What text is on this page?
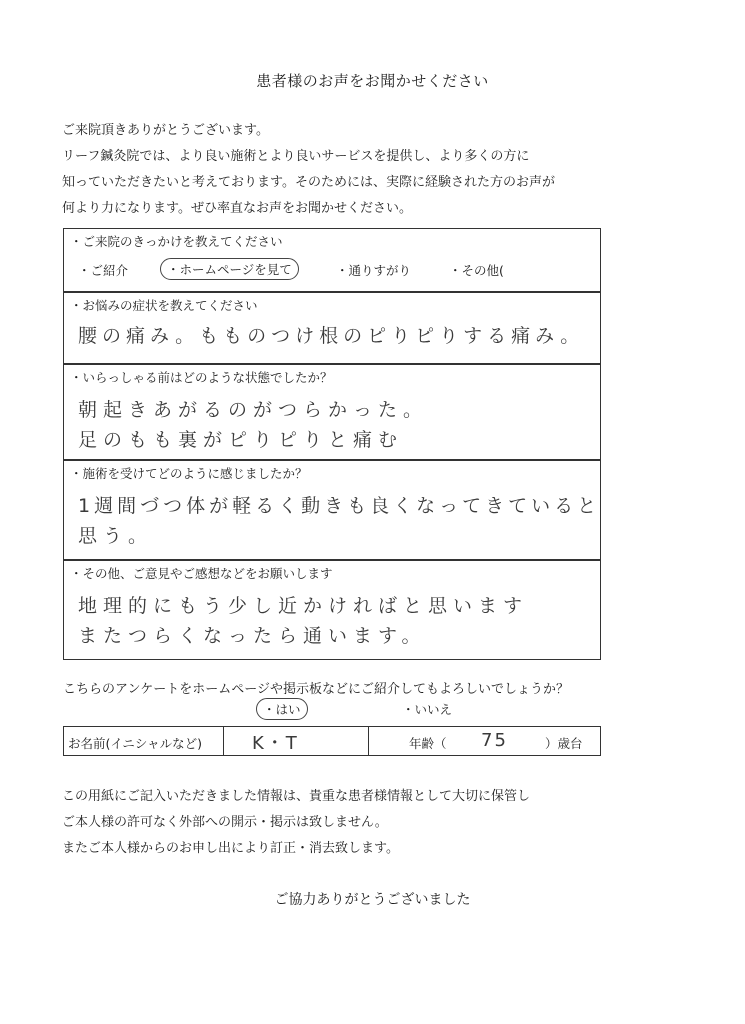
患者様のお声をお聞かせください
ご来院頂きありがとうございます。
リーフ鍼灸院では、より良い施術とより良いサービスを提供し、より多くの方に
知っていただきたいと考えております。そのためには、実際に経験された方のお声が
何より力になります。ぜひ率直なお声をお聞かせください。
・ご来院のきっかけを教えてください
・ご紹介	・ホームページを見て	・通りすがり	・その他(
・お悩みの症状を教えてください
腰の痛み。もものつけ根のピりピりする痛み。
・いらっしゃる前はどのような状態でしたか？
朝起きあがるのがつらかった。
足のもも裏がピりピりと痛む
・施術を受けてどのように感じましたか？
1週間づつ体が軽るく動きも良くなってきていると
思う。
・その他、ご意見やご感想などをお願いします
地理的にもう少し近かければと思います
またつらくなったら通います。
こちらのアンケートをホームページや掲示板などにご紹介してもよろしいでしょうか？
・はい	・いいえ
お名前(イニシャルなど)	K・T	年齢（ 75	）歳台
この用紙にご記入いただきました情報は、貴重な患者様情報として大切に保管し
ご本人様の許可なく外部への開示・掲示は致しません。
またご本人様からのお申し出により訂正・消去致します。
ご協力ありがとうございました
